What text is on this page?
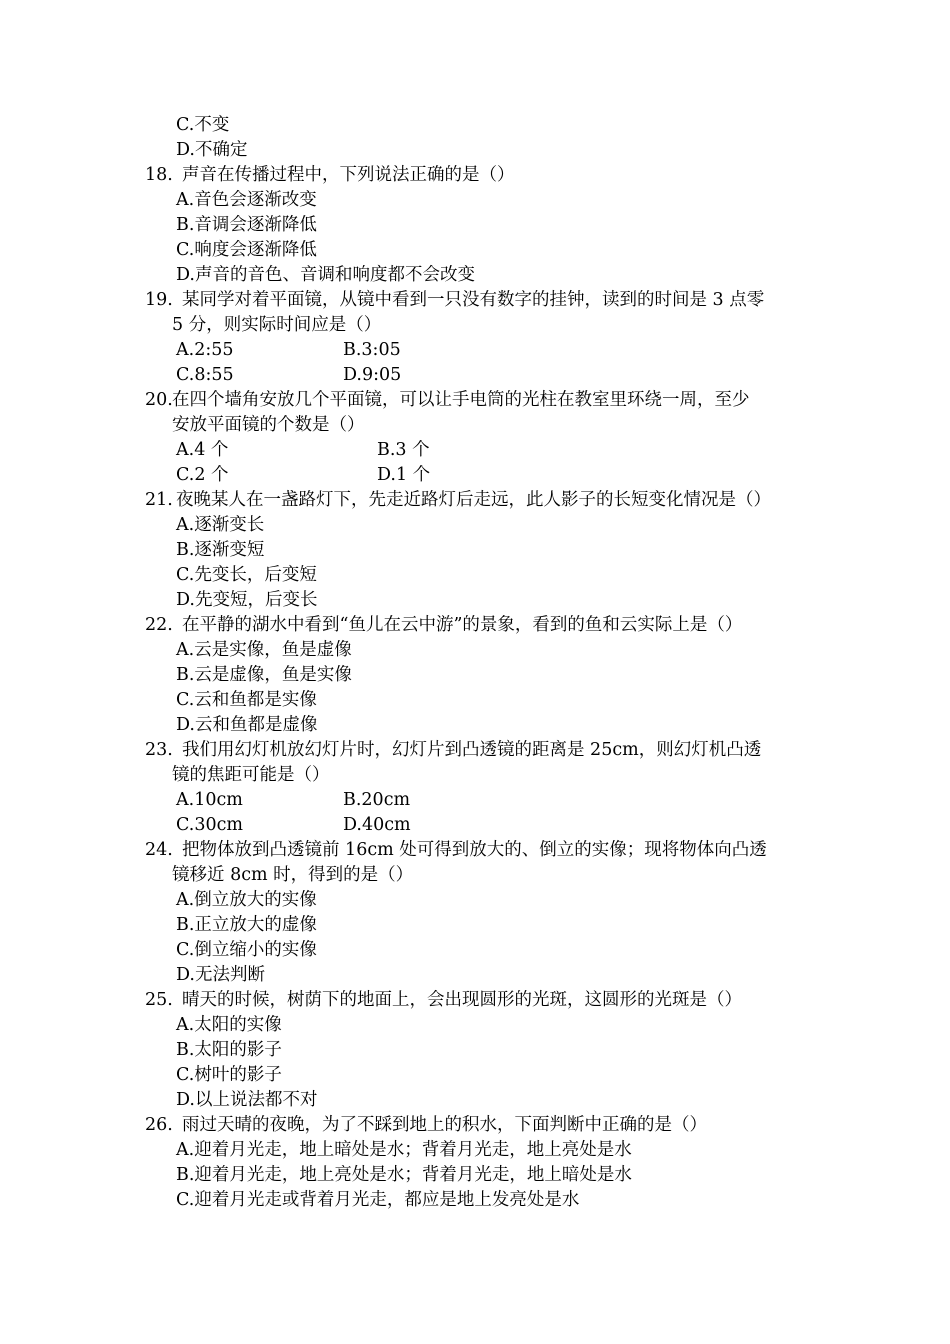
C.不变
D.不确定
18. 声音在传播过程中，下列说法正确的是（）
A.音色会逐渐改变
B.音调会逐渐降低
C.响度会逐渐降低
D.声音的音色、音调和响度都不会改变
19. 某同学对着平面镜，从镜中看到一只没有数字的挂钟，读到的时间是 3 点零
5 分，则实际时间应是（）
A.2:55	B.3:05
C.8:55	D.9:05
20. 在四个墙角安放几个平面镜，可以让手电筒的光柱在教室里环绕一周，至少
安放平面镜的个数是（）
A.4 个	B.3 个
C.2 个	D.1 个
21. 夜晚某人在一盏路灯下，先走近路灯后走远，此人影子的长短变化情况是（）
A.逐渐变长
B.逐渐变短
C.先变长，后变短
D.先变短，后变长
22. 在平静的湖水中看到“鱼儿在云中游”的景象，看到的鱼和云实际上是（）
A.云是实像，鱼是虚像
B.云是虚像，鱼是实像
C.云和鱼都是实像
D.云和鱼都是虚像
23. 我们用幻灯机放幻灯片时，幻灯片到凸透镜的距离是 25cm，则幻灯机凸透
镜的焦距可能是（）
A.10cm	B.20cm
C.30cm	D.40cm
24. 把物体放到凸透镜前 16cm 处可得到放大的、倒立的实像；现将物体向凸透
镜移近 8cm 时，得到的是（）
A.倒立放大的实像
B.正立放大的虚像
C.倒立缩小的实像
D.无法判断
25. 晴天的时候，树荫下的地面上，会出现圆形的光斑，这圆形的光斑是（）
A.太阳的实像
B.太阳的影子
C.树叶的影子
D.以上说法都不对
26. 雨过天晴的夜晚，为了不踩到地上的积水，下面判断中正确的是（）
A.迎着月光走，地上暗处是水；背着月光走，地上亮处是水
B.迎着月光走，地上亮处是水；背着月光走，地上暗处是水
C.迎着月光走或背着月光走，都应是地上发亮处是水
